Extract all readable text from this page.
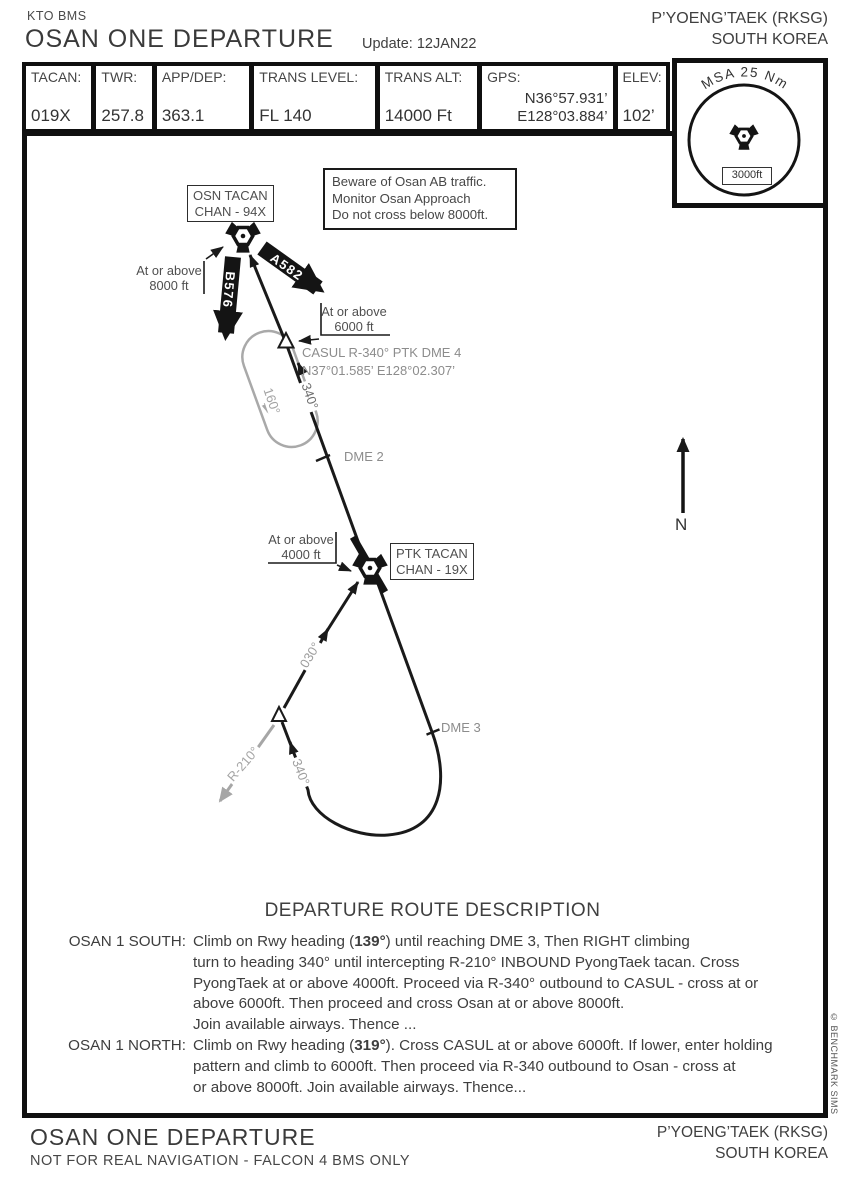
KTO BMS
OSAN ONE DEPARTURE Update: 12JAN22
P’YOENG’TAEK (RKSG)
SOUTH KOREA
TACAN:
019X
TWR:
257.8
APP/DEP:
363.1
TRANS LEVEL:
FL 140
TRANS ALT:
14000 Ft
GPS:
N36°57.931’
E128°03.884’
ELEV:
102’
MSA 25 Nm
3000ft
Beware of Osan AB traffic.
Monitor Osan Approach
Do not cross below 8000ft.
OSN TACAN
CHAN - 94X
PTK TACAN
CHAN - 19X
At or above
8000 ft
At or above
6000 ft
At or above
4000 ft
CASUL R-340° PTK DME 4
N37°01.585’ E128°02.307’
DME 2
DME 3
A582
B576
160° 340°
340°
030°
R-210°
N
DEPARTURE ROUTE DESCRIPTION
OSAN 1 SOUTH: Climb on Rwy heading (139°) until reaching DME 3, Then RIGHT climbing
turn to heading 340° until intercepting R-210° INBOUND PyongTaek tacan. Cross
PyongTaek at or above 4000ft. Proceed via R-340° outbound to CASUL - cross at or
above 6000ft. Then proceed and cross Osan at or above 8000ft.
Join available airways. Thence ...
OSAN 1 NORTH: Climb on Rwy heading (319°). Cross CASUL at or above 6000ft. If lower, enter holding
pattern and climb to 6000ft. Then proceed via R-340 outbound to Osan - cross at
or above 8000ft. Join available airways. Thence...
OSAN ONE DEPARTURE
NOT FOR REAL NAVIGATION - FALCON 4 BMS ONLY
P’YOENG’TAEK (RKSG)
SOUTH KOREA
© BENCHMARK SIMS
